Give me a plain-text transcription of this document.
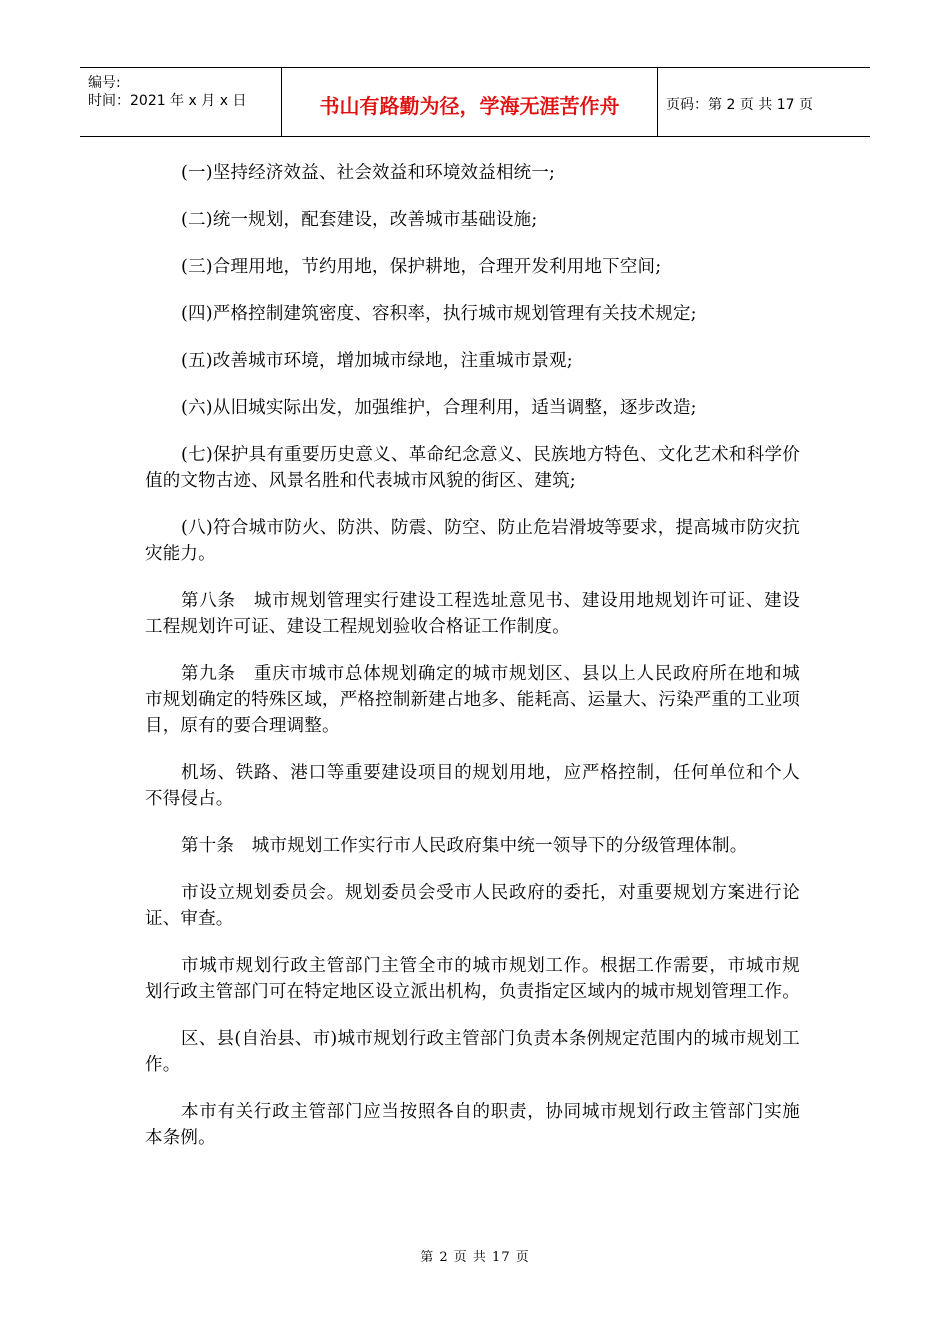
编号:
时间：2021 年 x 月 x 日	书山有路勤为径，学海无涯苦作舟	页码：第 2 页 共 17 页

(一)坚持经济效益、社会效益和环境效益相统一;

(二)统一规划，配套建设，改善城市基础设施;

(三)合理用地，节约用地，保护耕地，合理开发利用地下空间;

(四)严格控制建筑密度、容积率，执行城市规划管理有关技术规定;

(五)改善城市环境，增加城市绿地，注重城市景观;

(六)从旧城实际出发，加强维护，合理利用，适当调整，逐步改造;

(七)保护具有重要历史意义、革命纪念意义、民族地方特色、文化艺术和科学价值的文物古迹、风景名胜和代表城市风貌的街区、建筑;

(八)符合城市防火、防洪、防震、防空、防止危岩滑坡等要求，提高城市防灾抗灾能力。

第八条　城市规划管理实行建设工程选址意见书、建设用地规划许可证、建设工程规划许可证、建设工程规划验收合格证工作制度。

第九条　重庆市城市总体规划确定的城市规划区、县以上人民政府所在地和城市规划确定的特殊区域，严格控制新建占地多、能耗高、运量大、污染严重的工业项目，原有的要合理调整。

机场、铁路、港口等重要建设项目的规划用地，应严格控制，任何单位和个人不得侵占。

第十条　城市规划工作实行市人民政府集中统一领导下的分级管理体制。

市设立规划委员会。规划委员会受市人民政府的委托，对重要规划方案进行论证、审查。

市城市规划行政主管部门主管全市的城市规划工作。根据工作需要，市城市规划行政主管部门可在特定地区设立派出机构，负责指定区域内的城市规划管理工作。

区、县(自治县、市)城市规划行政主管部门负责本条例规定范围内的城市规划工作。

本市有关行政主管部门应当按照各自的职责，协同城市规划行政主管部门实施本条例。

第 2 页 共 17 页
